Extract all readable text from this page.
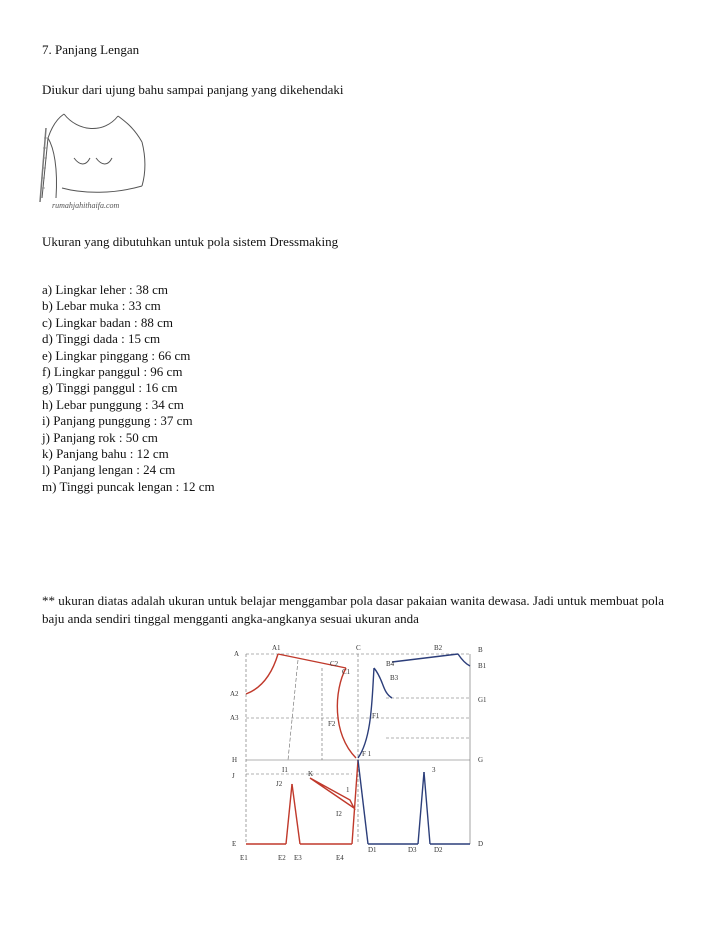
7. Panjang Lengan

Diukur dari ujung bahu sampai panjang yang dikehendaki

rumahjahithaifa.com

Ukuran yang dibutuhkan untuk pola sistem Dressmaking

a) Lingkar leher : 38 cm
b) Lebar muka : 33 cm
c) Lingkar badan : 88 cm
d) Tinggi dada : 15 cm
e) Lingkar pinggang : 66 cm
f) Lingkar panggul : 96 cm
g) Tinggi panggul : 16 cm
h) Lebar punggung : 34 cm
i) Panjang punggung : 37 cm
j) Panjang rok : 50 cm
k) Panjang bahu : 12 cm
l) Panjang lengan : 24 cm
m) Tinggi puncak lengan : 12 cm

** ukuran diatas adalah ukuran untuk belajar menggambar pola dasar pakaian wanita dewasa. Jadi untuk membuat pola baju anda sendiri tinggal mengganti angka-angkanya sesuai ukuran anda

A
A1
A2
A3
C
C2
C1
B4
B2	B
B1
B3
G1
F1
F2
F 1
H	G
J
I1	K
J2
1
3
I2
E	D
E1	E2 E3	E4
D1	D3 D2
